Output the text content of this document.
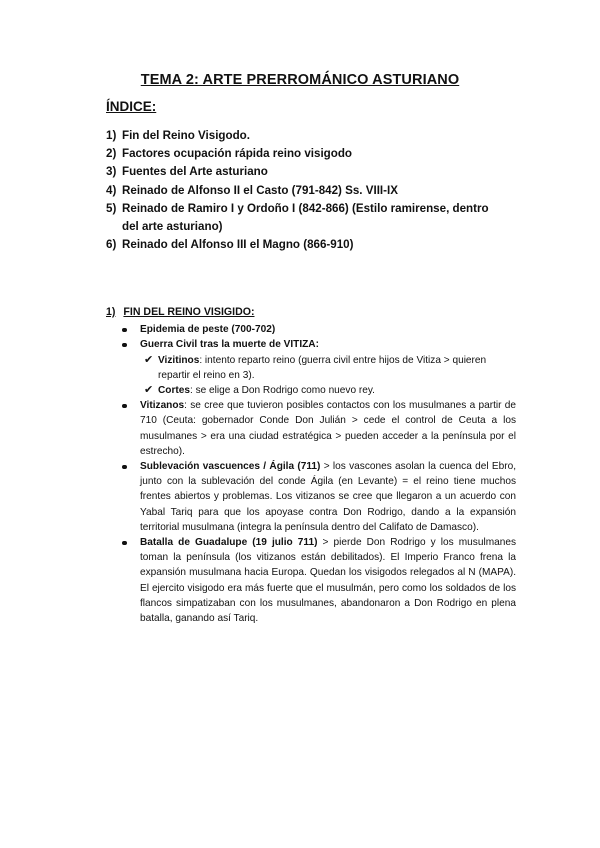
TEMA 2: ARTE PRERROMÁNICO ASTURIANO
ÍNDICE:
1) Fin del Reino Visigodo.
2) Factores ocupación rápida reino visigodo
3) Fuentes del Arte asturiano
4) Reinado de Alfonso II el Casto (791-842) Ss. VIII-IX
5) Reinado de Ramiro I y Ordoño I (842-866) (Estilo ramirense, dentro del arte asturiano)
6) Reinado del Alfonso III el Magno (866-910)
1) FIN DEL REINO VISIGIDO:
Epidemia de peste (700-702)
Guerra Civil tras la muerte de VITIZA:
✔ Vizitinos: intento reparto reino (guerra civil entre hijos de Vitiza > quieren repartir el reino en 3).
✔ Cortes: se elige a Don Rodrigo como nuevo rey.
Vitizanos: se cree que tuvieron posibles contactos con los musulmanes a partir de 710 (Ceuta: gobernador Conde Don Julián > cede el control de Ceuta a los musulmanes > era una ciudad estratégica > pueden acceder a la península por el estrecho).
Sublevación vascuences / Ágila (711) > los vascones asolan la cuenca del Ebro, junto con la sublevación del conde Ágila (en Levante) = el reino tiene muchos frentes abiertos y problemas. Los vitizanos se cree que llegaron a un acuerdo con Yabal Tariq para que los apoyase contra Don Rodrigo, dando a la expansión territorial musulmana (integra la península dentro del Califato de Damasco).
Batalla de Guadalupe (19 julio 711) > pierde Don Rodrigo y los musulmanes toman la península (los vitizanos están debilitados). El Imperio Franco frena la expansión musulmana hacia Europa. Quedan los visigodos relegados al N (MAPA). El ejercito visigodo era más fuerte que el musulmán, pero como los soldados de los flancos simpatizaban con los musulmanes, abandonaron a Don Rodrigo en plena batalla, ganando así Tariq.
